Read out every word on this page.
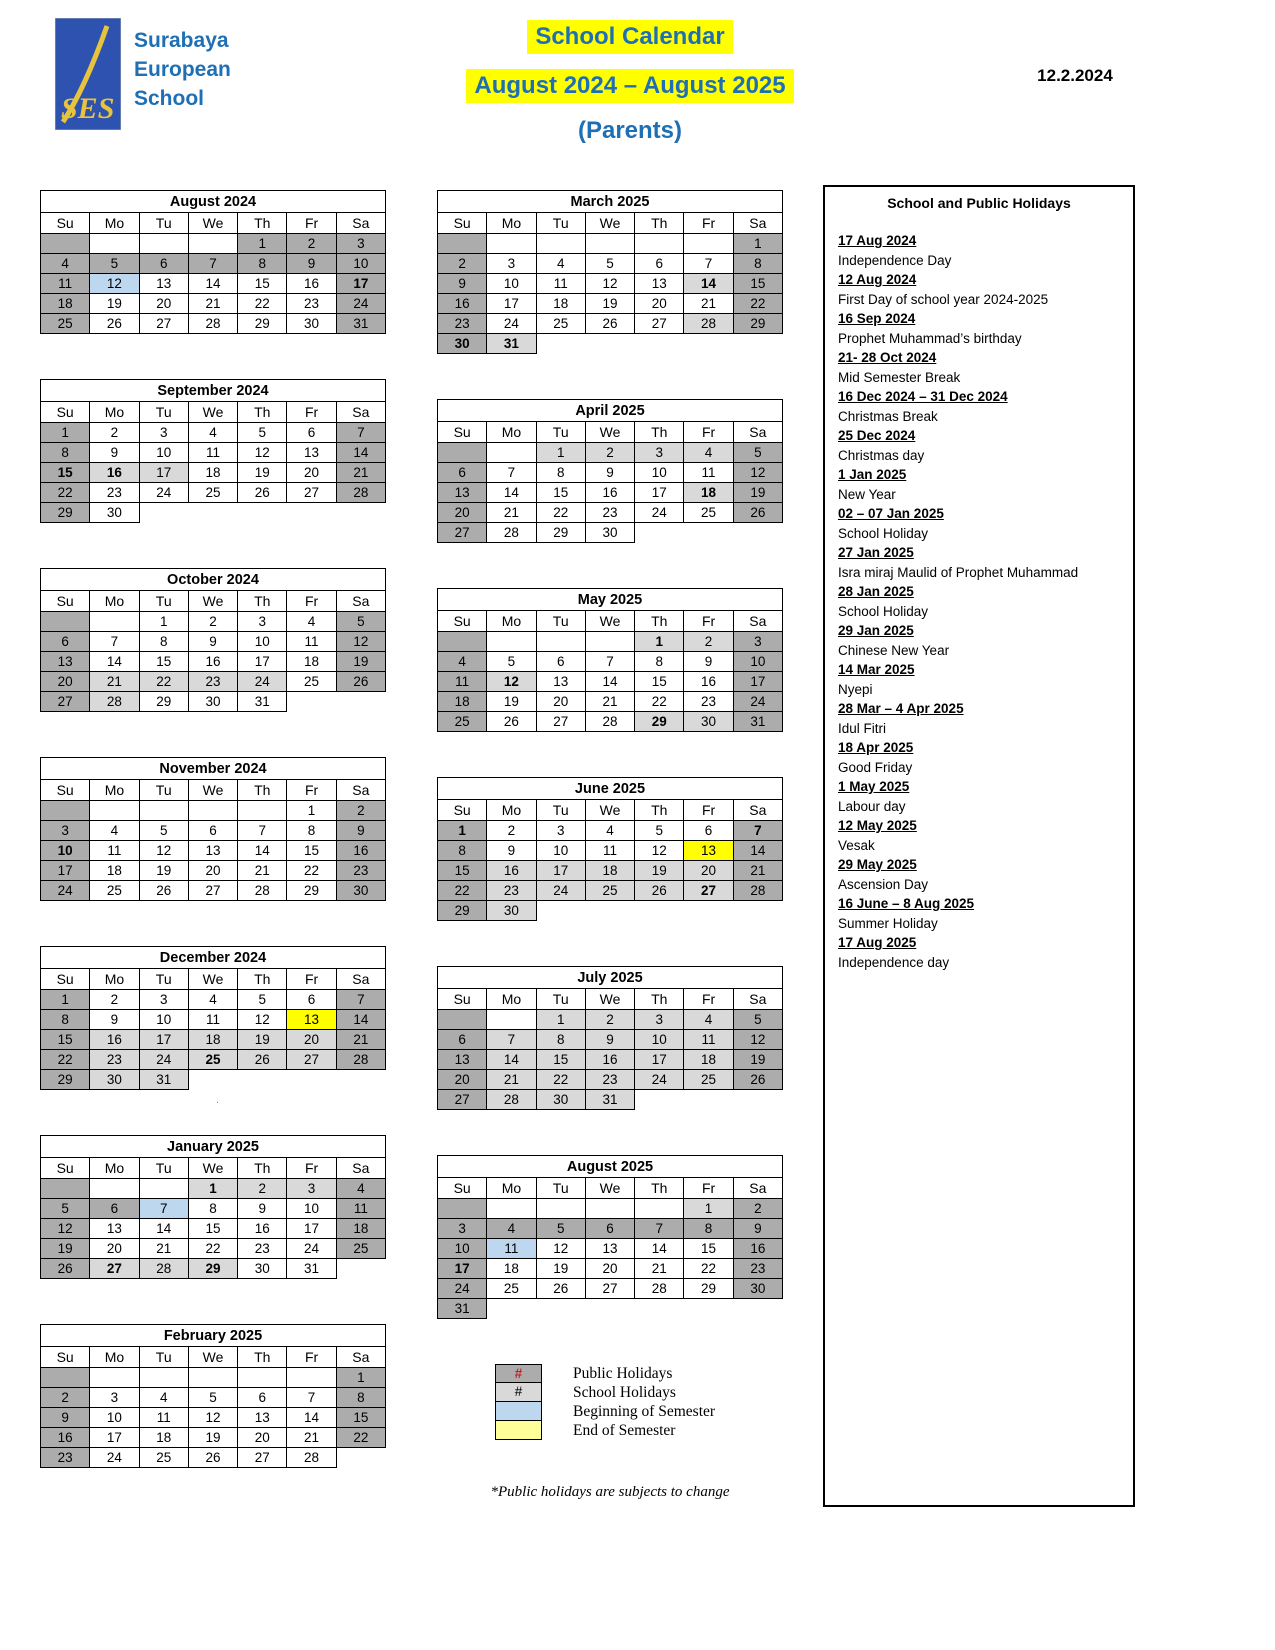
SES
Surabaya
European
School
School Calendar
August 2024 – August 2025
(Parents)
12.2.2024
August 2024						
Su	Mo	Tu	We	Th	Fr	Sa
				1	2	3
4	5	6	7	8	9	10
11	12	13	14	15	16	17
18	19	20	21	22	23	24
25	26	27	28	29	30	31
September 2024						
Su	Mo	Tu	We	Th	Fr	Sa
1	2	3	4	5	6	7
8	9	10	11	12	13	14
15	16	17	18	19	20	21
22	23	24	25	26	27	28
29	30					
October 2024						
Su	Mo	Tu	We	Th	Fr	Sa
		1	2	3	4	5
6	7	8	9	10	11	12
13	14	15	16	17	18	19
20	21	22	23	24	25	26
27	28	29	30	31		
November 2024						
Su	Mo	Tu	We	Th	Fr	Sa
					1	2
3	4	5	6	7	8	9
10	11	12	13	14	15	16
17	18	19	20	21	22	23
24	25	26	27	28	29	30
December 2024						
Su	Mo	Tu	We	Th	Fr	Sa
1	2	3	4	5	6	7
8	9	10	11	12	13	14
15	16	17	18	19	20	21
22	23	24	25	26	27	28
29	30	31				
January 2025						
Su	Mo	Tu	We	Th	Fr	Sa
			1	2	3	4
5	6	7	8	9	10	11
12	13	14	15	16	17	18
19	20	21	22	23	24	25
26	27	28	29	30	31	
February 2025						
Su	Mo	Tu	We	Th	Fr	Sa
						1
2	3	4	5	6	7	8
9	10	11	12	13	14	15
16	17	18	19	20	21	22
23	24	25	26	27	28	
March 2025						
Su	Mo	Tu	We	Th	Fr	Sa
						1
2	3	4	5	6	7	8
9	10	11	12	13	14	15
16	17	18	19	20	21	22
23	24	25	26	27	28	29
30	31					
April 2025						
Su	Mo	Tu	We	Th	Fr	Sa
		1	2	3	4	5
6	7	8	9	10	11	12
13	14	15	16	17	18	19
20	21	22	23	24	25	26
27	28	29	30			
May 2025						
Su	Mo	Tu	We	Th	Fr	Sa
				1	2	3
4	5	6	7	8	9	10
11	12	13	14	15	16	17
18	19	20	21	22	23	24
25	26	27	28	29	30	31
June 2025						
Su	Mo	Tu	We	Th	Fr	Sa
1	2	3	4	5	6	7
8	9	10	11	12	13	14
15	16	17	18	19	20	21
22	23	24	25	26	27	28
29	30					
July 2025						
Su	Mo	Tu	We	Th	Fr	Sa
		1	2	3	4	5
6	7	8	9	10	11	12
13	14	15	16	17	18	19
20	21	22	23	24	25	26
27	28	30	31			
August 2025						
Su	Mo	Tu	We	Th	Fr	Sa
					1	2
3	4	5	6	7	8	9
10	11	12	13	14	15	16
17	18	19	20	21	22	23
24	25	26	27	28	29	30
31						
#	Public Holidays
#	School Holidays
Beginning of Semester
End of Semester
*Public holidays are subjects to change
.
School and Public Holidays
17 Aug 2024
Independence Day
12 Aug 2024
First Day of school year 2024-2025
16 Sep 2024
Prophet Muhammad’s birthday
21- 28 Oct 2024
Mid Semester Break
16 Dec 2024 – 31 Dec 2024
Christmas Break
25 Dec 2024
Christmas day
1 Jan 2025
New Year
02 – 07 Jan 2025
School Holiday
27 Jan 2025
Isra miraj Maulid of Prophet Muhammad
28 Jan 2025
School Holiday
29 Jan 2025
Chinese New Year
14 Mar 2025
Nyepi
28 Mar – 4 Apr 2025
Idul Fitri
18 Apr 2025
Good Friday
1 May 2025
Labour day
12 May 2025
Vesak
29 May 2025
Ascension Day
16 June – 8 Aug 2025
Summer Holiday
17 Aug 2025
Independence day
